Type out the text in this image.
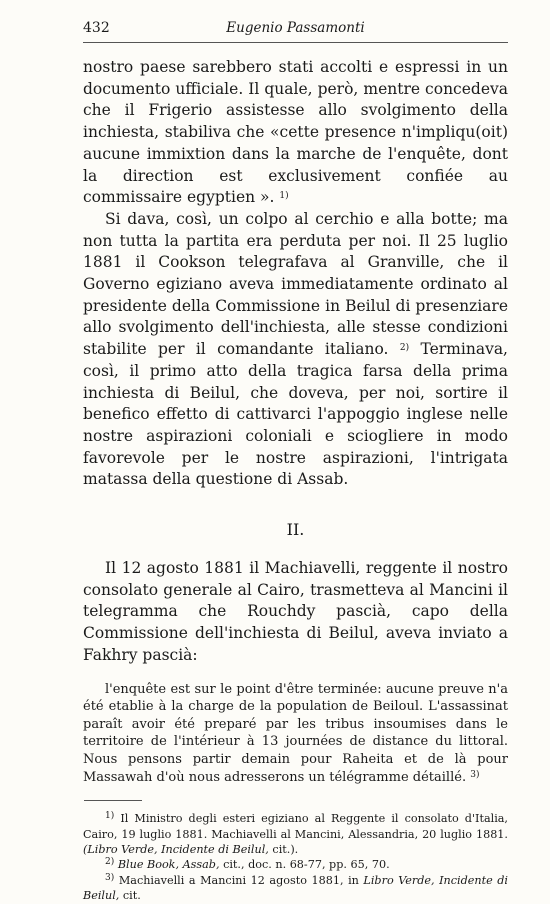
432	Eugenio Passamonti

nostro paese sarebbero stati accolti e espressi in un documento ufficiale. Il quale, però, mentre concedeva che il Frigerio assistesse allo svolgimento della inchiesta, stabiliva che «cette presence n'impliqu(oit) aucune immixtion dans la marche de l'enquête, dont la direction est exclusivement confiée au commissaire egyptien ». $^{1)}$

Si dava, così, un colpo al cerchio e alla botte; ma non tutta la partita era perduta per noi. Il 25 luglio 1881 il Cookson telegrafava al Granville, che il Governo egiziano aveva immediatamente ordinato al presidente della Commissione in Beilul di presenziare allo svolgimento dell'inchiesta, alle stesse condizioni stabilite per il comandante italiano. $^{2)}$ Terminava, così, il primo atto della tragica farsa della prima inchiesta di Beilul, che doveva, per noi, sortire il benefico effetto di cattivarci l'appoggio inglese nelle nostre aspirazioni coloniali e sciogliere in modo favorevole per le nostre aspirazioni, l'intrigata matassa della questione di Assab.

II.

Il 12 agosto 1881 il Machiavelli, reggente il nostro consolato generale al Cairo, trasmetteva al Mancini il telegramma che Rouchdy pascià, capo della Commissione dell'inchiesta di Beilul, aveva inviato a Fakhry pascià:

l'enquête est sur le point d'être terminée: aucune preuve n'a été etablie à la charge de la population de Beiloul. L'assassinat paraît avoir été preparé par les tribus insoumises dans le territoire de l'intérieur à 13 journées de distance du littoral. Nous pensons partir demain pour Raheita et de là pour Massawah d'où nous adresserons un télégramme détaillé. $^{3)}$

$^{1)}$ Il Ministro degli esteri egiziano al Reggente il consolato d'Italia, Cairo, 19 luglio 1881. Machiavelli al Mancini, Alessandria, 20 luglio 1881. (Libro Verde, Incidente di Beilul, cit.).

$^{2)}$ Blue Book, Assab, cit., doc. n. 68-77, pp. 65, 70.

$^{3)}$ Machiavelli a Mancini 12 agosto 1881, in Libro Verde, Incidente di Beilul, cit.
